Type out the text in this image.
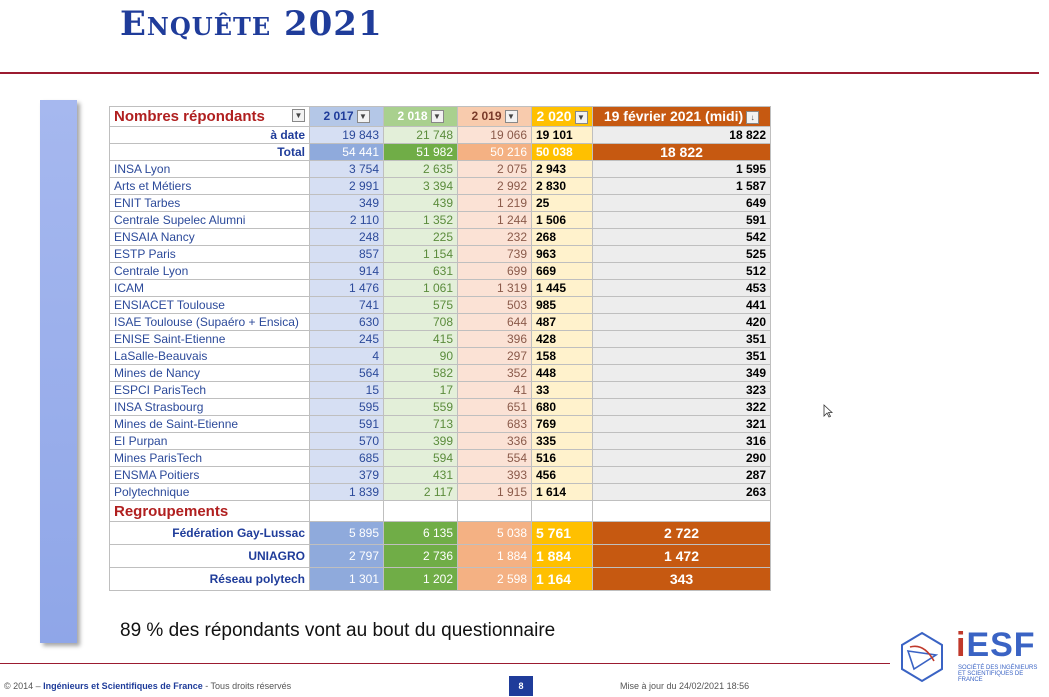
Enquête 2021
Nombres répondants ▼	2 017 ▼	2 018 ▼	2 019 ▼	2 020 ▼	19 février 2021 (midi) ↓
à date	19 843	21 748	19 066	19 101	18 822
Total	54 441	51 982	50 216	50 038	18 822
INSA Lyon	3 754	2 635	2 075	2 943	1 595
Arts et Métiers	2 991	3 394	2 992	2 830	1 587
ENIT Tarbes	349	439	1 219	25	649
Centrale Supelec Alumni	2 110	1 352	1 244	1 506	591
ENSAIA Nancy	248	225	232	268	542
ESTP Paris	857	1 154	739	963	525
Centrale Lyon	914	631	699	669	512
ICAM	1 476	1 061	1 319	1 445	453
ENSIACET Toulouse	741	575	503	985	441
ISAE Toulouse (Supaéro + Ensica)	630	708	644	487	420
ENISE Saint-Etienne	245	415	396	428	351
LaSalle-Beauvais	4	90	297	158	351
Mines de Nancy	564	582	352	448	349
ESPCI ParisTech	15	17	41	33	323
INSA Strasbourg	595	559	651	680	322
Mines de Saint-Etienne	591	713	683	769	321
EI Purpan	570	399	336	335	316
Mines ParisTech	685	594	554	516	290
ENSMA Poitiers	379	431	393	456	287
Polytechnique	1 839	2 117	1 915	1 614	263
Regroupements					
Fédération Gay-Lussac	5 895	6 135	5 038	5 761	2 722
UNIAGRO	2 797	2 736	1 884	1 884	1 472
Réseau polytech	1 301	1 202	2 598	1 164	343
89 % des répondants vont au bout du questionnaire
© 2014 – Ingénieurs et Scientifiques de France - Tous droits réservés	8	Mise à jour du 24/02/2021 18:56
iESF
SOCIÉTÉ DES INGÉNIEURS ET SCIENTIFIQUES DE FRANCE
